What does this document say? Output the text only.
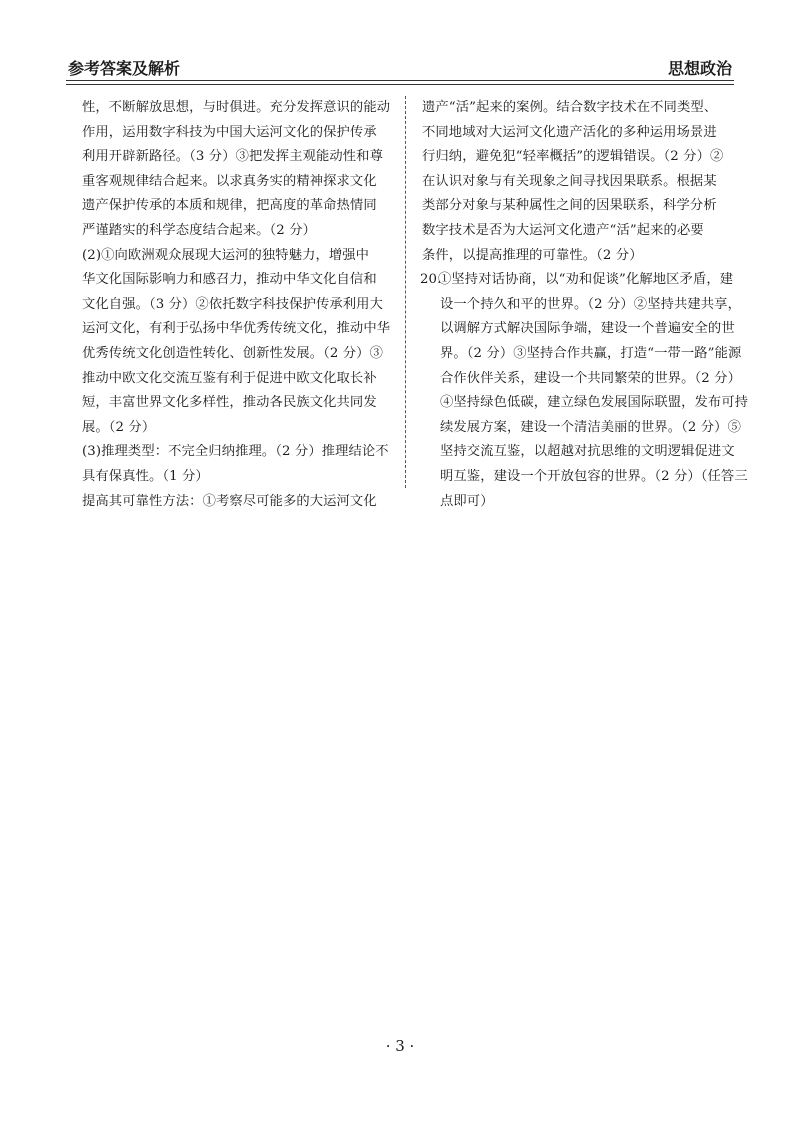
参考答案及解析	思想政治
性，不断解放思想，与时俱进。充分发挥意识的能动
作用，运用数字科技为中国大运河文化的保护传承
利用开辟新路径。（3 分）③把发挥主观能动性和尊
重客观规律结合起来。以求真务实的精神探求文化
遗产保护传承的本质和规律，把高度的革命热情同
严谨踏实的科学态度结合起来。（2 分）
(2)①向欧洲观众展现大运河的独特魅力，增强中
华文化国际影响力和感召力，推动中华文化自信和
文化自强。（3 分）②依托数字科技保护传承利用大
运河文化，有利于弘扬中华优秀传统文化，推动中华
优秀传统文化创造性转化、创新性发展。（2 分）③
推动中欧文化交流互鉴有利于促进中欧文化取长补
短，丰富世界文化多样性，推动各民族文化共同发
展。（2 分）
(3)推理类型：不完全归纳推理。（2 分）推理结论不
具有保真性。（1 分）
提高其可靠性方法：①考察尽可能多的大运河文化
遗产“活”起来的案例。结合数字技术在不同类型、
不同地域对大运河文化遗产活化的多种运用场景进
行归纳，避免犯“轻率概括”的逻辑错误。（2 分）②
在认识对象与有关现象之间寻找因果联系。根据某
类部分对象与某种属性之间的因果联系，科学分析
数字技术是否为大运河文化遗产“活”起来的必要
条件，以提高推理的可靠性。（2 分）
20.①坚持对话协商，以“劝和促谈”化解地区矛盾，建
设一个持久和平的世界。（2 分）②坚持共建共享，
以调解方式解决国际争端，建设一个普遍安全的世
界。（2 分）③坚持合作共赢，打造“一带一路”能源
合作伙伴关系，建设一个共同繁荣的世界。（2 分）
④坚持绿色低碳，建立绿色发展国际联盟，发布可持
续发展方案，建设一个清洁美丽的世界。（2 分）⑤
坚持交流互鉴，以超越对抗思维的文明逻辑促进文
明互鉴，建设一个开放包容的世界。（2 分）（任答三
点即可）
· 3 ·
